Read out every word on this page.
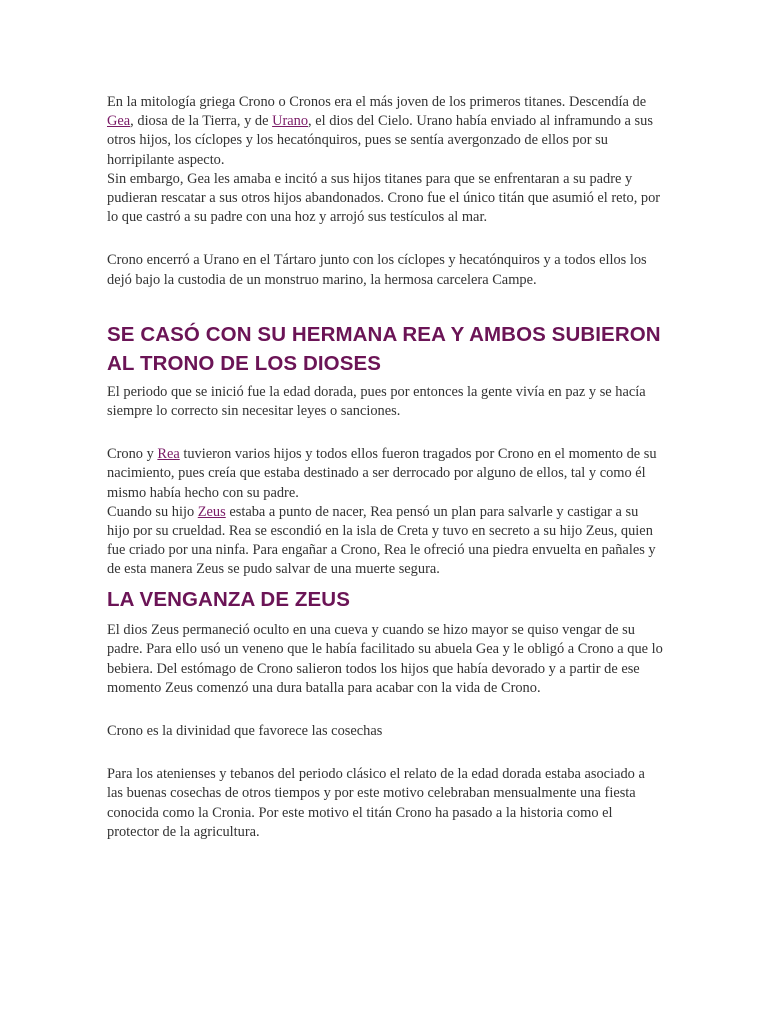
En la mitología griega Crono o Cronos era el más joven de los primeros titanes. Descendía de Gea, diosa de la Tierra, y de Urano, el dios del Cielo. Urano había enviado al inframundo a sus otros hijos, los cíclopes y los hecatónquiros, pues se sentía avergonzado de ellos por su horripilante aspecto.

Sin embargo, Gea les amaba e incitó a sus hijos titanes para que se enfrentaran a su padre y pudieran rescatar a sus otros hijos abandonados. Crono fue el único titán que asumió el reto, por lo que castró a su padre con una hoz y arrojó sus testículos al mar.

Crono encerró a Urano en el Tártaro junto con los cíclopes y hecatónquiros y a todos ellos los dejó bajo la custodia de un monstruo marino, la hermosa carcelera Campe.

SE CASÓ CON SU HERMANA REA Y AMBOS SUBIERON AL TRONO DE LOS DIOSES

El periodo que se inició fue la edad dorada, pues por entonces la gente vivía en paz y se hacía siempre lo correcto sin necesitar leyes o sanciones.

Crono y Rea tuvieron varios hijos y todos ellos fueron tragados por Crono en el momento de su nacimiento, pues creía que estaba destinado a ser derrocado por alguno de ellos, tal y como él mismo había hecho con su padre.

Cuando su hijo Zeus estaba a punto de nacer, Rea pensó un plan para salvarle y castigar a su hijo por su crueldad. Rea se escondió en la isla de Creta y tuvo en secreto a su hijo Zeus, quien fue criado por una ninfa. Para engañar a Crono, Rea le ofreció una piedra envuelta en pañales y de esta manera Zeus se pudo salvar de una muerte segura.

LA VENGANZA DE ZEUS

El dios Zeus permaneció oculto en una cueva y cuando se hizo mayor se quiso vengar de su padre. Para ello usó un veneno que le había facilitado su abuela Gea y le obligó a Crono a que lo bebiera. Del estómago de Crono salieron todos los hijos que había devorado y a partir de ese momento Zeus comenzó una dura batalla para acabar con la vida de Crono.

Crono es la divinidad que favorece las cosechas

Para los atenienses y tebanos del periodo clásico el relato de la edad dorada estaba asociado a las buenas cosechas de otros tiempos y por este motivo celebraban mensualmente una fiesta conocida como la Cronia. Por este motivo el titán Crono ha pasado a la historia como el protector de la agricultura.
